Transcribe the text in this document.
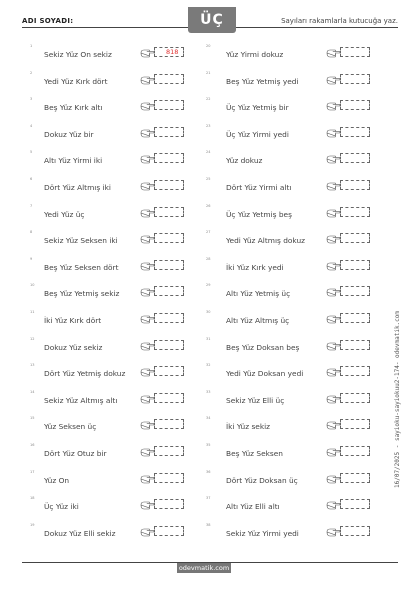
ADI SOYADI:	ÜÇ	Sayıları rakamlarla kutucuğa yaz.
16/07/2025 - sayioku-sayiokuu2-174- odevmatik.com
1
Sekiz Yüz On sekiz	818
2
Yedi Yüz Kırk dört
3
Beş Yüz Kırk altı
4
Dokuz Yüz bir
5
Altı Yüz Yirmi iki
6
Dört Yüz Altmış iki
7
Yedi Yüz üç
8
Sekiz Yüz Seksen iki
9
Beş Yüz Seksen dört
10
Beş Yüz Yetmiş sekiz
11
İki Yüz Kırk dört
12
Dokuz Yüz sekiz
13
Dört Yüz Yetmiş dokuz
14
Sekiz Yüz Altmış altı
15
Yüz Seksen üç
16
Dört Yüz Otuz bir
17
Yüz On
18
Üç Yüz iki
19
Dokuz Yüz Elli sekiz
20
Yüz Yirmi dokuz
21
Beş Yüz Yetmiş yedi
22
Üç Yüz Yetmiş bir
23
Üç Yüz Yirmi yedi
24
Yüz dokuz
25
Dört Yüz Yirmi altı
26
Üç Yüz Yetmiş beş
27
Yedi Yüz Altmış dokuz
28
İki Yüz Kırk yedi
29
Altı Yüz Yetmiş üç
30
Altı Yüz Altmış üç
31
Beş Yüz Doksan beş
32
Yedi Yüz Doksan yedi
33
Sekiz Yüz Elli üç
34
İki Yüz sekiz
35
Beş Yüz Seksen
36
Dört Yüz Doksan üç
37
Altı Yüz Elli altı
38
Sekiz Yüz Yirmi yedi
odevmatik.com
